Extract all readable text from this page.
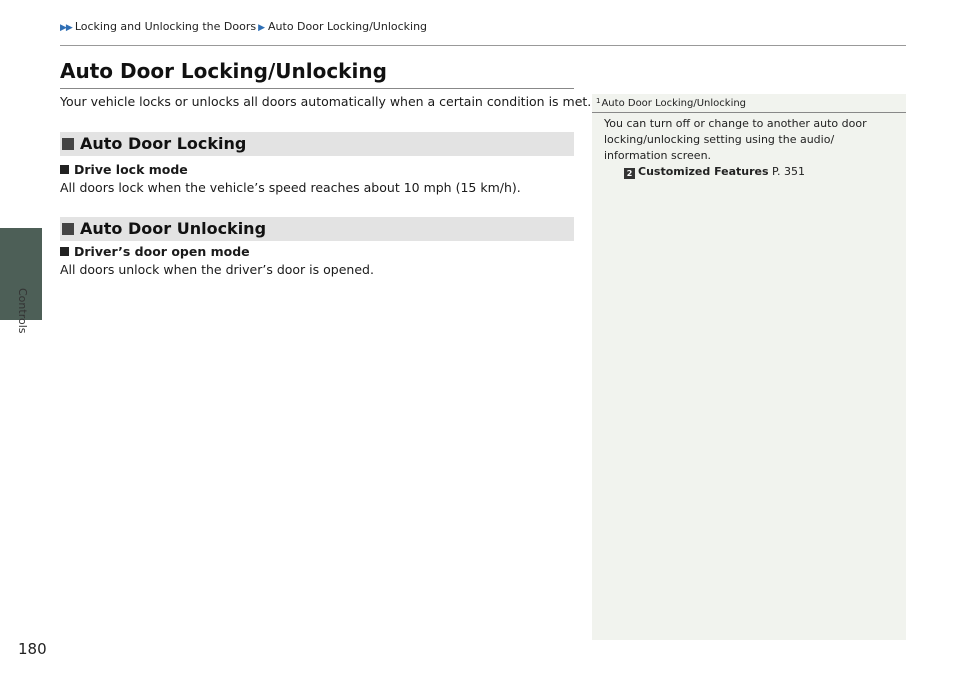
Controls
▶▶ Locking and Unlocking the Doors ▶ Auto Door Locking/Unlocking
Auto Door Locking/Unlocking

Your vehicle locks or unlocks all doors automatically when a certain condition is met.

Auto Door Locking
Drive lock mode

All doors lock when the vehicle’s speed reaches about 10 mph (15 km/h).

Auto Door Unlocking
Driver’s door open mode

All doors unlock when the driver’s door is opened.

$^1$Auto Door Locking/Unlocking
You can turn off or change to another auto door locking/unlocking setting using the audio/ information screen.
2 Customized Features P. 351
180
